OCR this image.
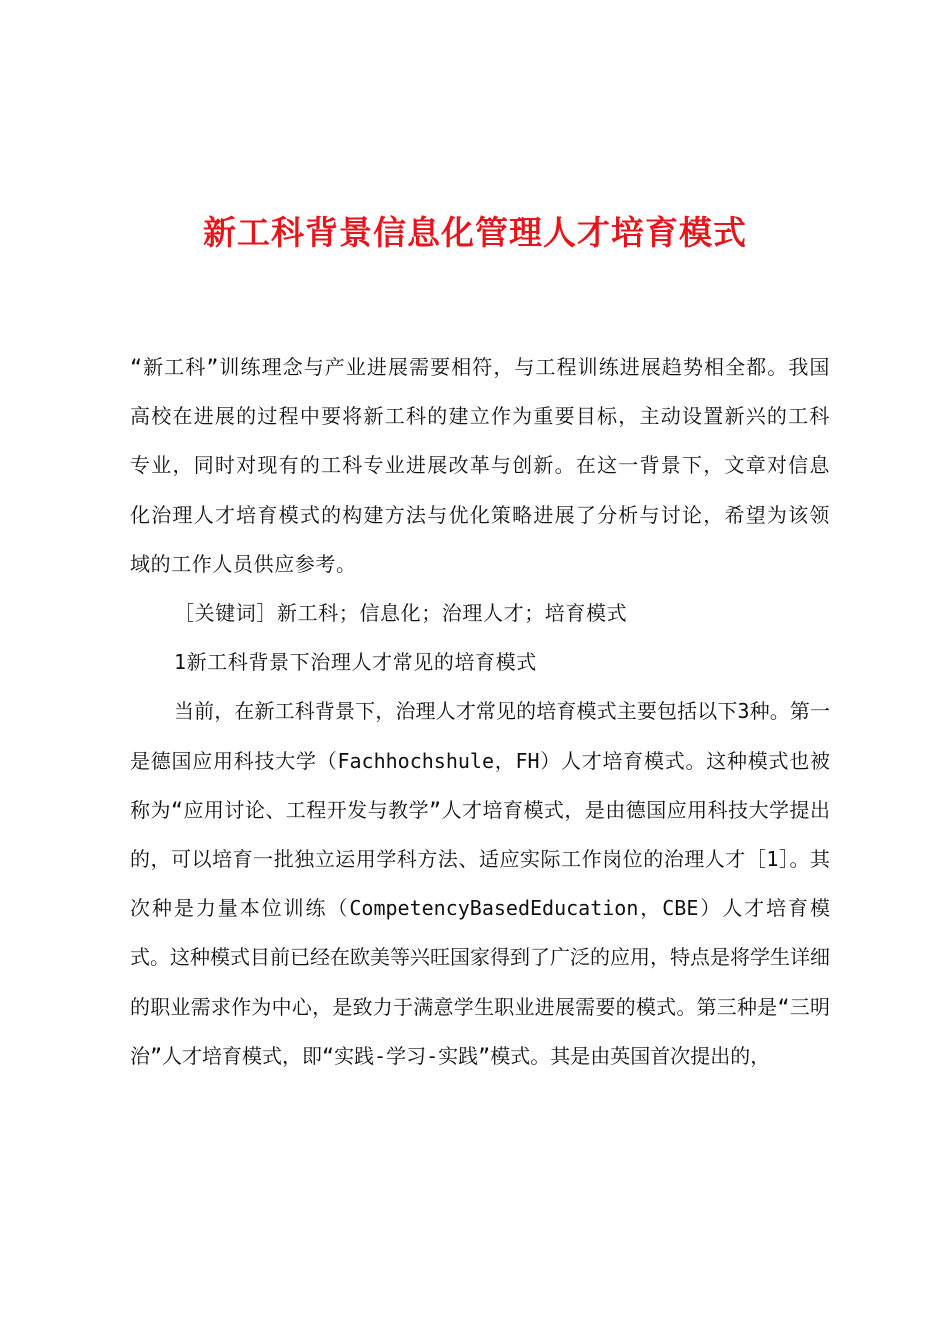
新工科背景信息化管理人才培育模式

“新工科”训练理念与产业进展需要相符，与工程训练进展趋势相全都。我国高校在进展的过程中要将新工科的建立作为重要目标，主动设置新兴的工科专业，同时对现有的工科专业进展改革与创新。在这一背景下，文章对信息化治理人才培育模式的构建方法与优化策略进展了分析与讨论，希望为该领域的工作人员供应参考。

［关键词］新工科；信息化；治理人才；培育模式

1新工科背景下治理人才常见的培育模式

当前，在新工科背景下，治理人才常见的培育模式主要包括以下3种。第一是德国应用科技大学（Fachhochshule，FH）人才培育模式。这种模式也被称为“应用讨论、工程开发与教学”人才培育模式，是由德国应用科技大学提出的，可以培育一批独立运用学科方法、适应实际工作岗位的治理人才［1］。其次种是力量本位训练（CompetencyBasedEducation，CBE）人才培育模式。这种模式目前已经在欧美等兴旺国家得到了广泛的应用，特点是将学生详细的职业需求作为中心，是致力于满意学生职业进展需要的模式。第三种是“三明治”人才培育模式，即“实践-学习-实践”模式。其是由英国首次提出的，
